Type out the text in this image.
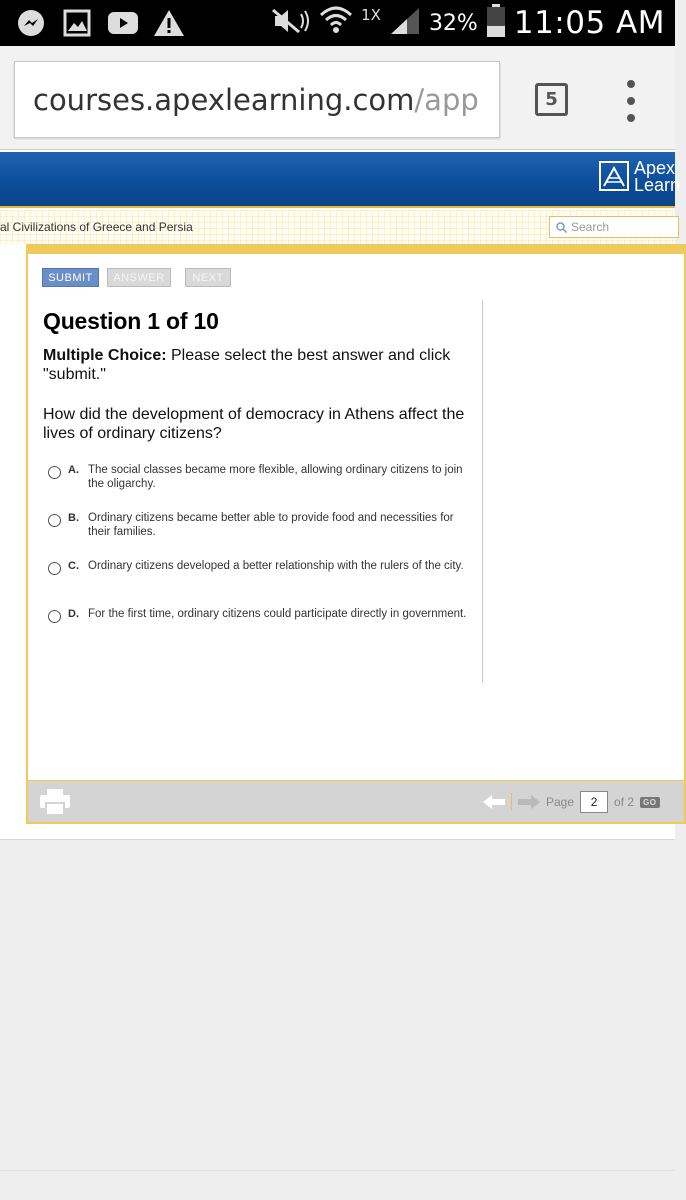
1X 32% 11:05 AM
courses.apexlearning.com/app	5
Apex
Learn
al Civilizations of Greece and Persia
Search
SUBMIT	ANSWER	NEXT
Question 1 of 10
Multiple Choice: Please select the best answer and click "submit."
How did the development of democracy in Athens affect the lives of ordinary citizens?
A. The social classes became more flexible, allowing ordinary citizens to join the oligarchy.
B. Ordinary citizens became better able to provide food and necessities for their families.
C. Ordinary citizens developed a better relationship with the rulers of the city.
D. For the first time, ordinary citizens could participate directly in government.
Page
2	of 2	GO
